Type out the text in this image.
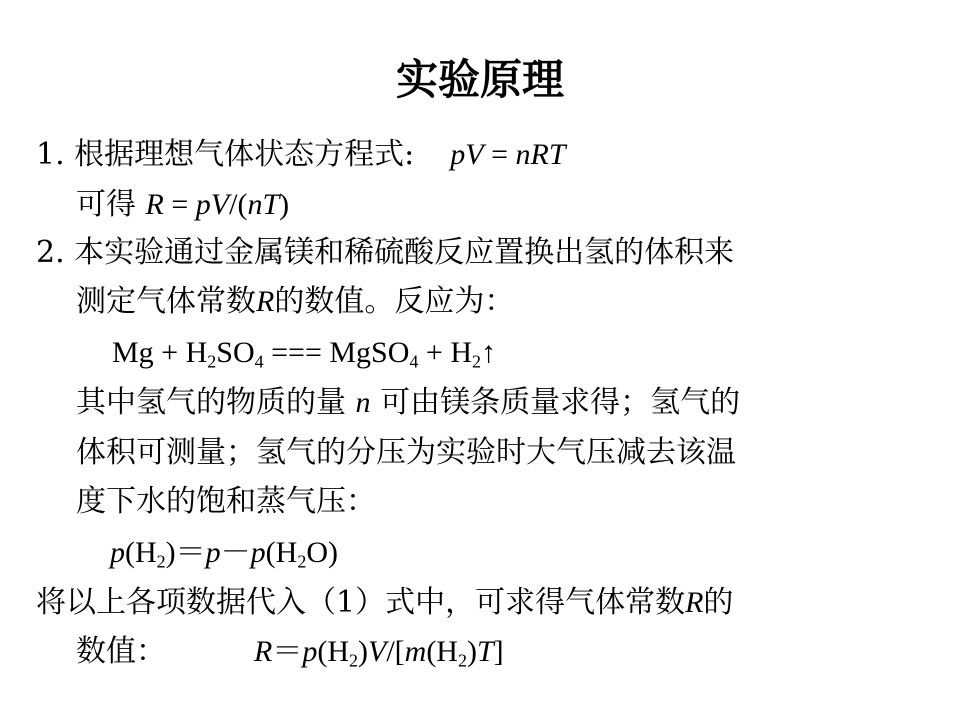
实验原理
1. 根据理想气体状态方程式: pV = nRT
可得 R = pV/(nT)
2. 本实验通过金属镁和稀硫酸反应置换出氢的体积来
测定气体常数R的数值。反应为：
$Mg + H_2SO_4$ === MgSO$_4$ + $H_2↑$
其中氢气的物质的量 n 可由镁条质量求得；氢气的
体积可测量；氢气的分压为实验时大气压减去该温
度下水的饱和蒸气压：
$p(H_2)=p-p(H_2O)$
将以上各项数据代入（1）式中，可求得气体常数R的
数值：	$R=p(H_2)V/[m(H_2)T]$
